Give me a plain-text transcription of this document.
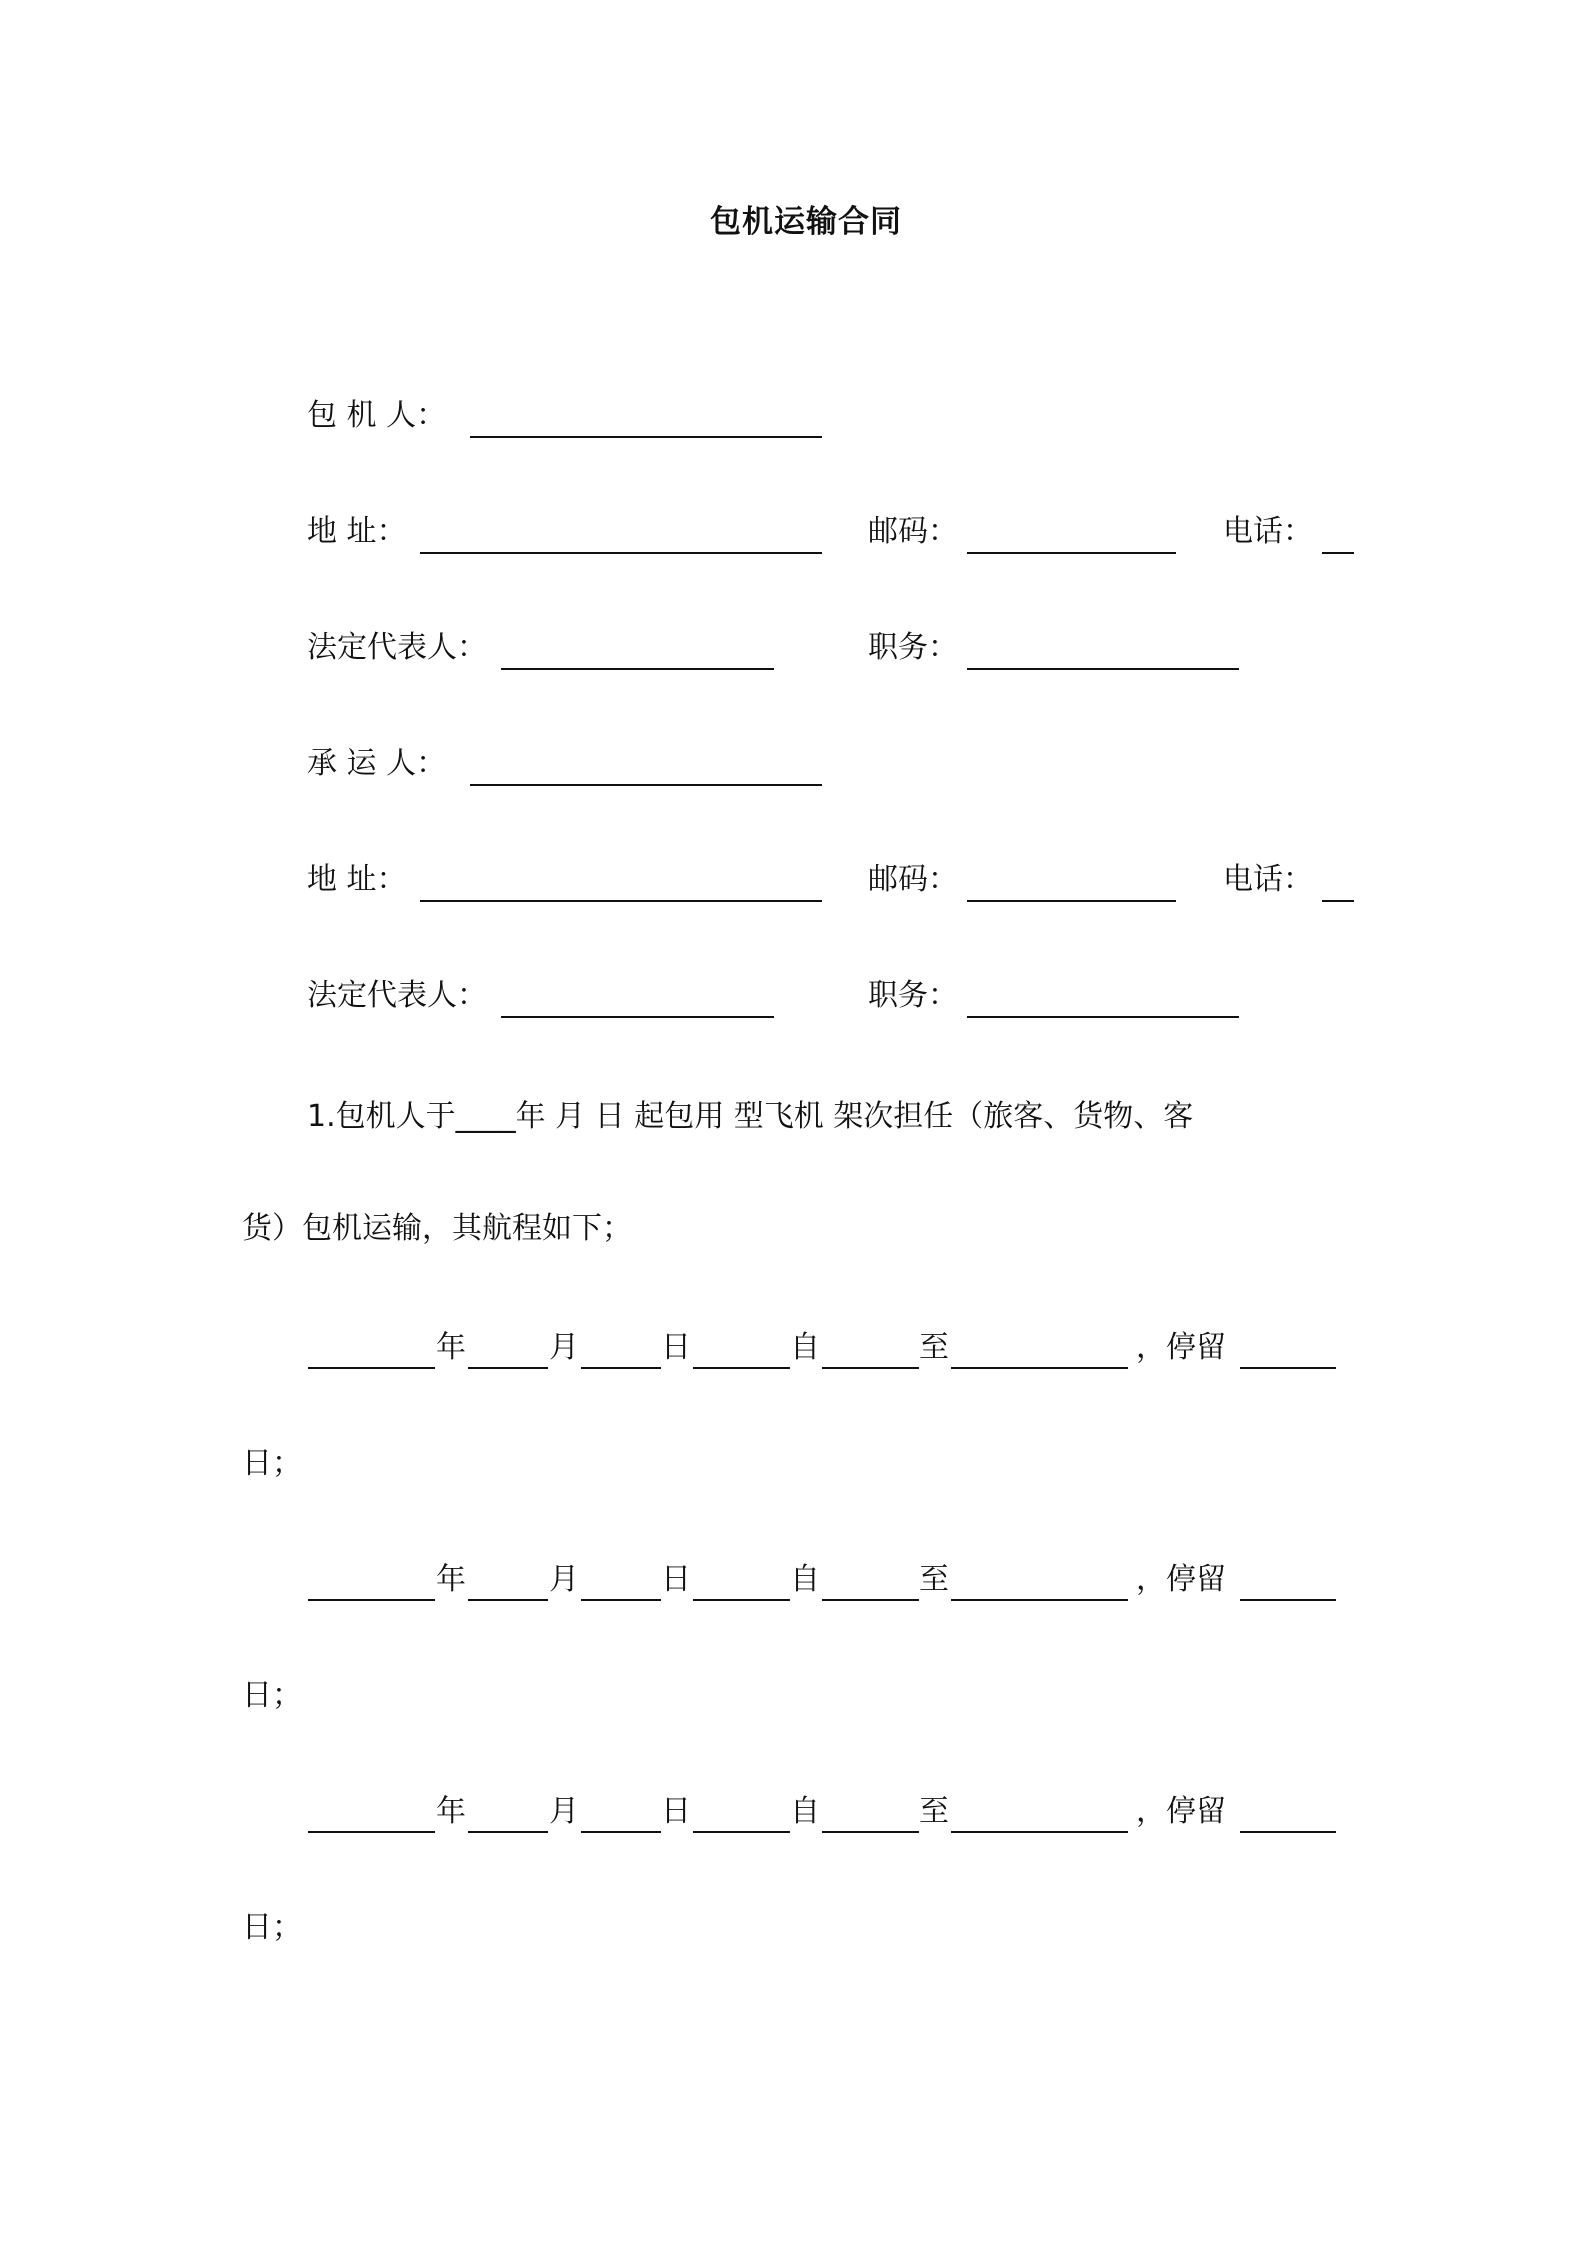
包机运输合同
包 机 人：
地 址：	邮码：	电话：
法定代表人：	职务：
承 运 人：
地 址：	邮码：	电话：
法定代表人：	职务：
1.包机人于____年 月 日 起包用 型飞机 架次担任（旅客、货物、客
货）包机运输，其航程如下；
年	月	日	自	至	，停留
日；
年	月	日	自	至	，停留
日；
年	月	日	自	至	，停留
日；
